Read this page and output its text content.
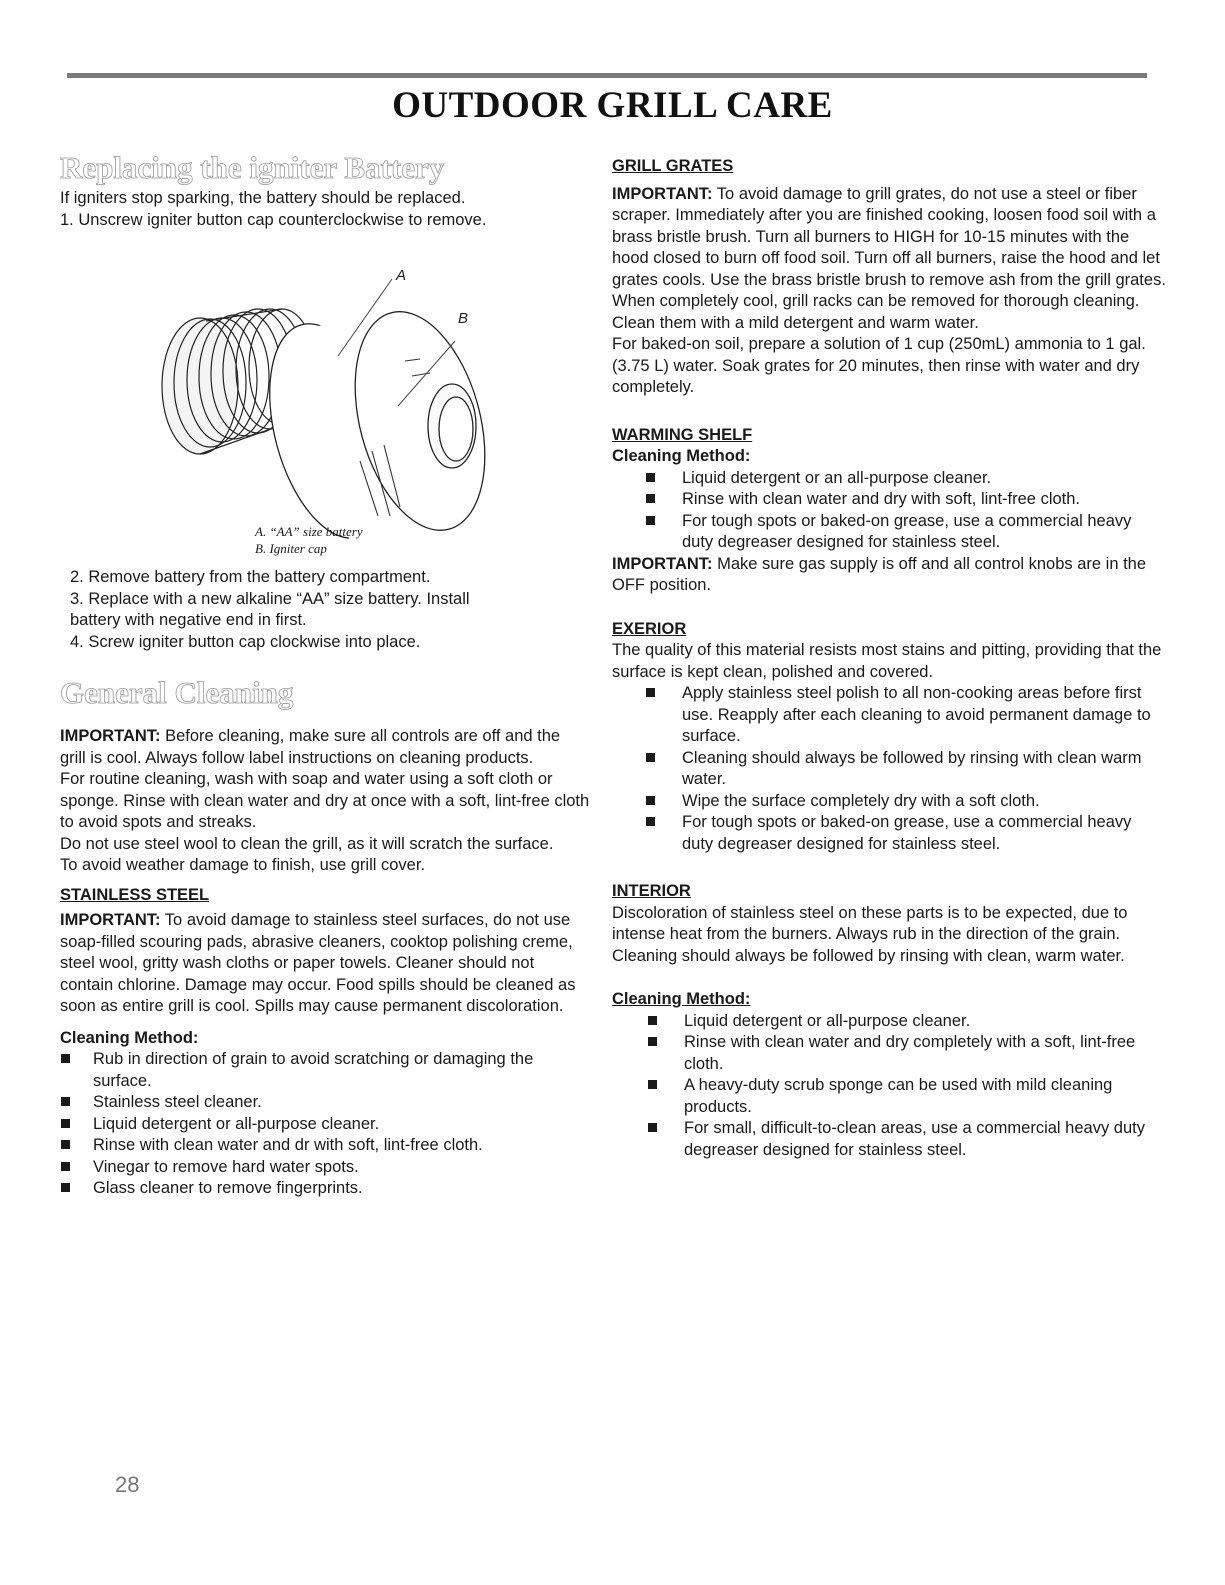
OUTDOOR GRILL CARE
Replacing the igniter Battery

If igniters stop sparking, the battery should be replaced.

1. Unscrew igniter button cap counterclockwise to remove.

A
B
A. “AA” size battery
B. Igniter cap

2. Remove battery from the battery compartment.

3. Replace with a new alkaline “AA” size battery. Install

battery with negative end in first.

4. Screw igniter button cap clockwise into place.

General Cleaning

IMPORTANT: Before cleaning, make sure all controls are off and the grill is cool. Always follow label instructions on cleaning products.

For routine cleaning, wash with soap and water using a soft cloth or sponge. Rinse with clean water and dry at once with a soft, lint-free cloth to avoid spots and streaks.

Do not use steel wool to clean the grill, as it will scratch the surface.

To avoid weather damage to finish, use grill cover.

STAINLESS STEEL

IMPORTANT: To avoid damage to stainless steel surfaces, do not use soap-filled scouring pads, abrasive cleaners, cooktop polishing creme, steel wool, gritty wash cloths or paper towels. Cleaner should not contain chlorine. Damage may occur. Food spills should be cleaned as soon as entire grill is cool. Spills may cause permanent discoloration.

Cleaning Method:

Rub in direction of grain to avoid scratching or damaging the surface.
Stainless steel cleaner.
Liquid detergent or all-purpose cleaner.
Rinse with clean water and dr with soft, lint-free cloth.
Vinegar to remove hard water spots.
Glass cleaner to remove fingerprints.

GRILL GRATES

IMPORTANT: To avoid damage to grill grates, do not use a steel or fiber scraper. Immediately after you are finished cooking, loosen food soil with a brass bristle brush. Turn all burners to HIGH for 10-15 minutes with the hood closed to burn off food soil. Turn off all burners, raise the hood and let grates cools. Use the brass bristle brush to remove ash from the grill grates.

When completely cool, grill racks can be removed for thorough cleaning. Clean them with a mild detergent and warm water.

For baked-on soil, prepare a solution of 1 cup (250mL) ammonia to 1 gal. (3.75 L) water. Soak grates for 20 minutes, then rinse with water and dry completely.

WARMING SHELF

Cleaning Method:

Liquid detergent or an all-purpose cleaner.
Rinse with clean water and dry with soft, lint-free cloth.
For tough spots or baked-on grease, use a commercial heavy duty degreaser designed for stainless steel.

IMPORTANT: Make sure gas supply is off and all control knobs are in the OFF position.

EXERIOR

The quality of this material resists most stains and pitting, providing that the surface is kept clean, polished and covered.

Apply stainless steel polish to all non-cooking areas before first use. Reapply after each cleaning to avoid permanent damage to surface.
Cleaning should always be followed by rinsing with clean warm water.
Wipe the surface completely dry with a soft cloth.
For tough spots or baked-on grease, use a commercial heavy duty degreaser designed for stainless steel.

INTERIOR

Discoloration of stainless steel on these parts is to be expected, due to intense heat from the burners. Always rub in the direction of the grain. Cleaning should always be followed by rinsing with clean, warm water.

Cleaning Method:

Liquid detergent or all-purpose cleaner.
Rinse with clean water and dry completely with a soft, lint-free cloth.
A heavy-duty scrub sponge can be used with mild cleaning products.
For small, difficult-to-clean areas, use a commercial heavy duty degreaser designed for stainless steel.
28
